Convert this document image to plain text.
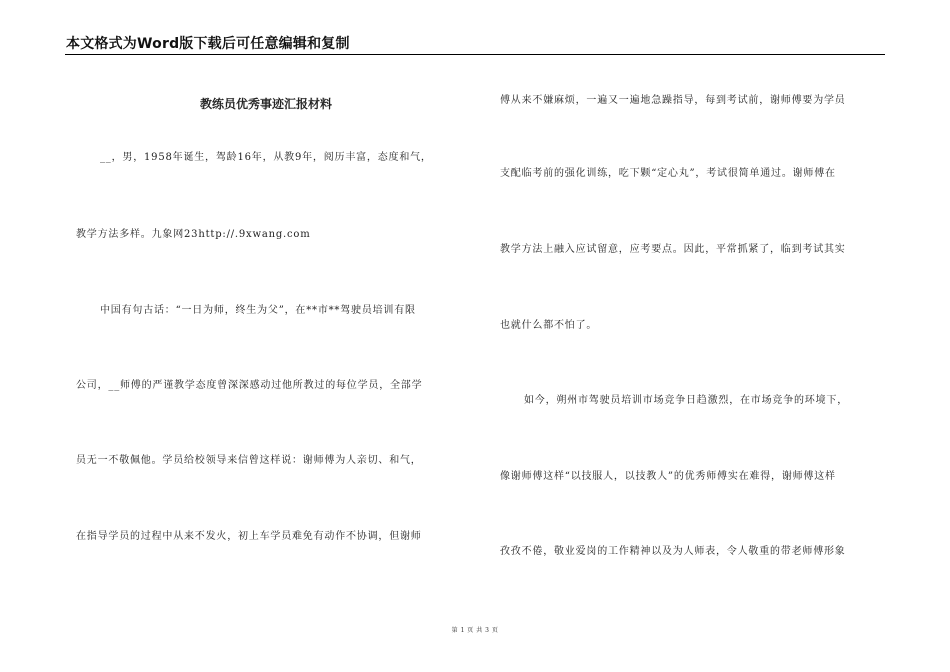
本文格式为Word版下载后可任意编辑和复制
教练员优秀事迹汇报材料
__，男，1958年诞生，驾龄16年，从教9年，阅历丰富，态度和气，
教学方法多样。九象网23http://.9xwang.com
中国有句古话：“一日为师，终生为父”，在**市**驾驶员培训有限
公司，__师傅的严谨教学态度曾深深感动过他所教过的每位学员，全部学
员无一不敬佩他。学员给校领导来信曾这样说：谢师傅为人亲切、和气，
在指导学员的过程中从来不发火，初上车学员难免有动作不协调，但谢师
傅从来不嫌麻烦，一遍又一遍地急躁指导，每到考试前，谢师傅要为学员
支配临考前的强化训练，吃下颗“定心丸”，考试很简单通过。谢师傅在
教学方法上融入应试留意，应考要点。因此，平常抓紧了，临到考试其实
也就什么都不怕了。
如今，朔州市驾驶员培训市场竞争日趋激烈，在市场竞争的环境下，
像谢师傅这样“以技服人，以技教人”的优秀师傅实在难得，谢师傅这样
孜孜不倦，敬业爱岗的工作精神以及为人师表，令人敬重的带老师傅形象
第 1 页 共 3 页
